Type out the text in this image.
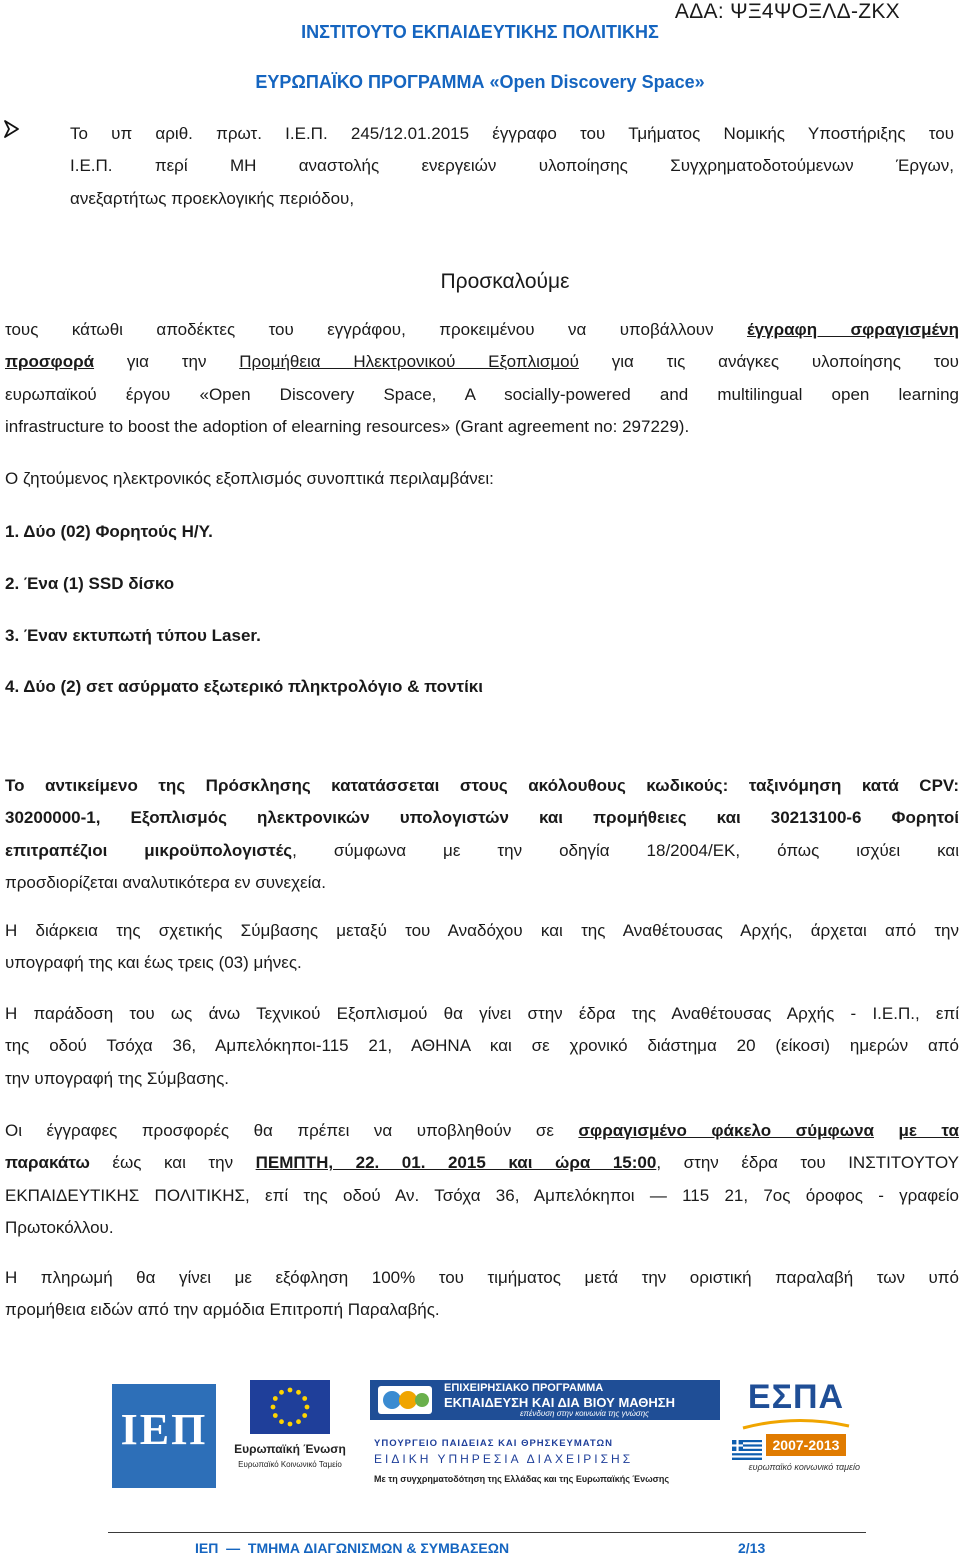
ΑΔΑ: ΨΞ4ΨΟΞΛΔ-ΖΚΧ
ΙΝΣΤΙΤΟΥΤΟ ΕΚΠΑΙΔΕΥΤΙΚΗΣ ΠΟΛΙΤΙΚΗΣ
ΕΥΡΩΠΑΪΚΟ ΠΡΟΓΡΑΜΜΑ «Open Discovery Space»
Το υπ αριθ. πρωτ. Ι.Ε.Π. 245/12.01.2015 έγγραφο του Τμήματος Νομικής Υποστήριξης του
Ι.Ε.Π. περί ΜΗ αναστολής ενεργειών υλοποίησης Συγχρηματοδοτούμενων Έργων,
ανεξαρτήτως προεκλογικής περιόδου,
Προσκαλούμε
τους κάτωθι αποδέκτες του εγγράφου, προκειμένου να υποβάλλουν έγγραφη σφραγισμένη
προσφορά για την Προμήθεια Ηλεκτρονικού Εξοπλισμού για τις ανάγκες υλοποίησης του
ευρωπαϊκού έργου «Open Discovery Space, A socially-powered and multilingual open learning
infrastructure to boost the adoption of elearning resources» (Grant agreement no: 297229).
Ο ζητούμενος ηλεκτρονικός εξοπλισμός συνοπτικά περιλαμβάνει:
1. Δύο (02) Φορητούς Η/Υ.
2. Ένα (1) SSD δίσκο
3. Έναν εκτυπωτή τύπου Laser.
4. Δύο (2) σετ ασύρματο εξωτερικό πληκτρολόγιο & ποντίκι
Το αντικείμενο της Πρόσκλησης κατατάσσεται στους ακόλουθους κωδικούς: ταξινόμηση κατά CPV:
30200000-1, Εξοπλισμός ηλεκτρονικών υπολογιστών και προμήθειες και 30213100-6 Φορητοί
επιτραπέζιοι μικροϋπολογιστές, σύμφωνα με την οδηγία 18/2004/ΕΚ, όπως ισχύει και
προσδιορίζεται αναλυτικότερα εν συνεχεία.
Η διάρκεια της σχετικής Σύμβασης μεταξύ του Αναδόχου και της Αναθέτουσας Αρχής, άρχεται από την
υπογραφή της και έως τρεις (03) μήνες.
Η παράδοση του ως άνω Τεχνικού Εξοπλισμού θα γίνει στην έδρα της Αναθέτουσας Αρχής - Ι.Ε.Π., επί
της οδού Τσόχα 36, Αμπελόκηποι-115 21, ΑΘΗΝΑ και σε χρονικό διάστημα 20 (είκοσι) ημερών από
την υπογραφή της Σύμβασης.
Οι έγγραφες προσφορές θα πρέπει να υποβληθούν σε σφραγισμένο φάκελο σύμφωνα με τα
παρακάτω έως και την ΠΕΜΠΤΗ, 22. 01. 2015 και ώρα 15:00, στην έδρα του ΙΝΣΤΙΤΟΥΤΟΥ
ΕΚΠΑΙΔΕΥΤΙΚΗΣ ΠΟΛΙΤΙΚΗΣ, επί της οδού Αν. Τσόχα 36, Αμπελόκηποι — 115 21, 7ος όροφος - γραφείο
Πρωτοκόλλου.
Η πληρωμή θα γίνει με εξόφληση 100% του τιμήματος μετά την οριστική παραλαβή των υπό
προμήθεια ειδών από την αρμόδια Επιτροπή Παραλαβής.
ΙΕΠ	Ευρωπαϊκή Ένωση
Ευρωπαϊκό Κοινωνικό Ταμείο
ΕΠΙΧΕΙΡΗΣΙΑΚΟ ΠΡΟΓΡΑΜΜΑ
ΕΚΠΑΙΔΕΥΣΗ ΚΑΙ ΔΙΑ ΒΙΟΥ ΜΑΘΗΣΗ
επένδυση στην κοινωνία της γνώσης
ΥΠΟΥΡΓΕΙΟ ΠΑΙΔΕΙΑΣ ΚΑΙ ΘΡΗΣΚΕΥΜΑΤΩΝ
ΕΙΔΙΚΗ ΥΠΗΡΕΣΙΑ ΔΙΑΧΕΙΡΙΣΗΣ
Με τη συγχρηματοδότηση της Ελλάδας και της Ευρωπαϊκής Ένωσης
ΕΣΠΑ
2007-2013
ευρωπαϊκό κοινωνικό ταμείο
ΙΕΠ  —  ΤΜΗΜΑ ΔΙΑΓΩΝΙΣΜΩΝ & ΣΥΜΒΑΣΕΩΝ	2/13
